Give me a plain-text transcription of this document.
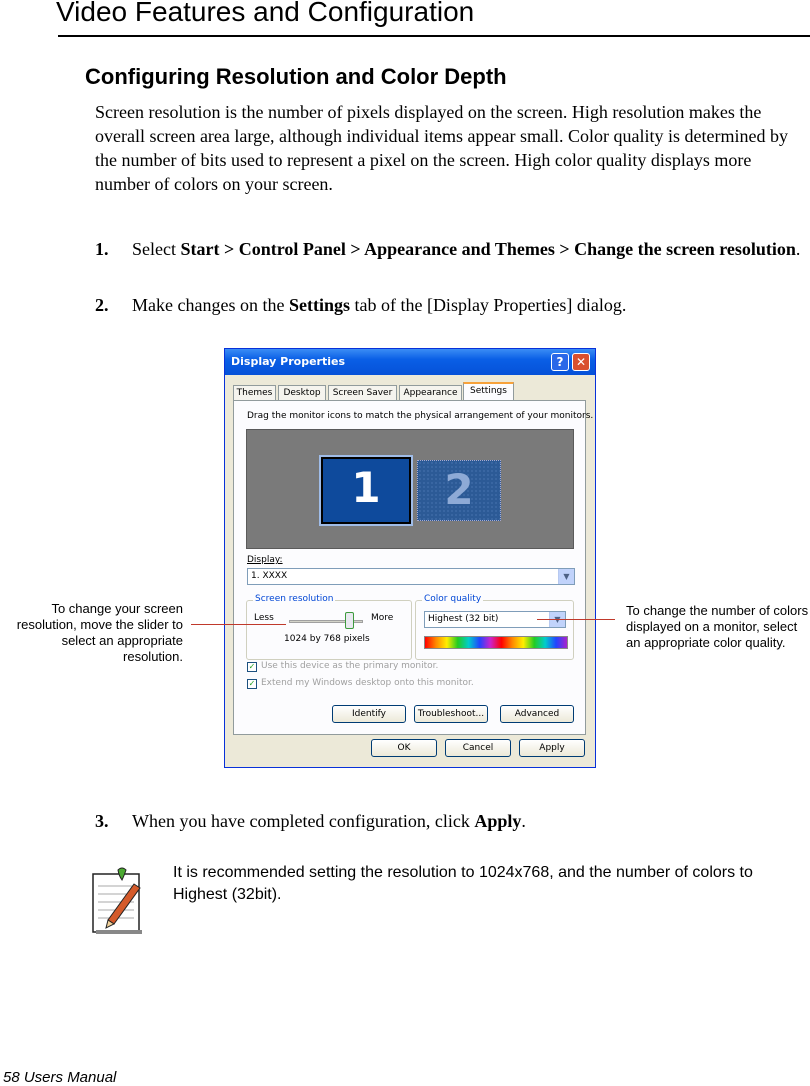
Video Features and Configuration
Configuring Resolution and Color Depth
Screen resolution is the number of pixels displayed on the screen. High resolution makes the overall screen area large, although individual items appear small. Color quality is determined by the number of bits used to represent a pixel on the screen. High color quality displays more number of colors on your screen.
1. Select Start > Control Panel > Appearance and Themes > Change the screen resolution.
2. Make changes on the Settings tab of the [Display Properties] dialog.
Display Properties	?	✕
Themes	Desktop	Screen Saver	Appearance	Settings
Drag the monitor icons to match the physical arrangement of your monitors.
1	2
Display:
1. XXXX	▼
Screen resolution
Less	More
1024 by 768 pixels
Color quality
Highest (32 bit)
✓ Use this device as the primary monitor.
✓ Extend my Windows desktop onto this monitor.
Identify	Troubleshoot...	Advanced
OK	Cancel	Apply
To change your screen resolution, move the slider to select an appropriate resolution.
To change the number of colors displayed on a monitor, select an appropriate color quality.
3. When you have completed configuration, click Apply.
It is recommended setting the resolution to 1024x768, and the number of colors to Highest (32bit).
58 Users Manual
